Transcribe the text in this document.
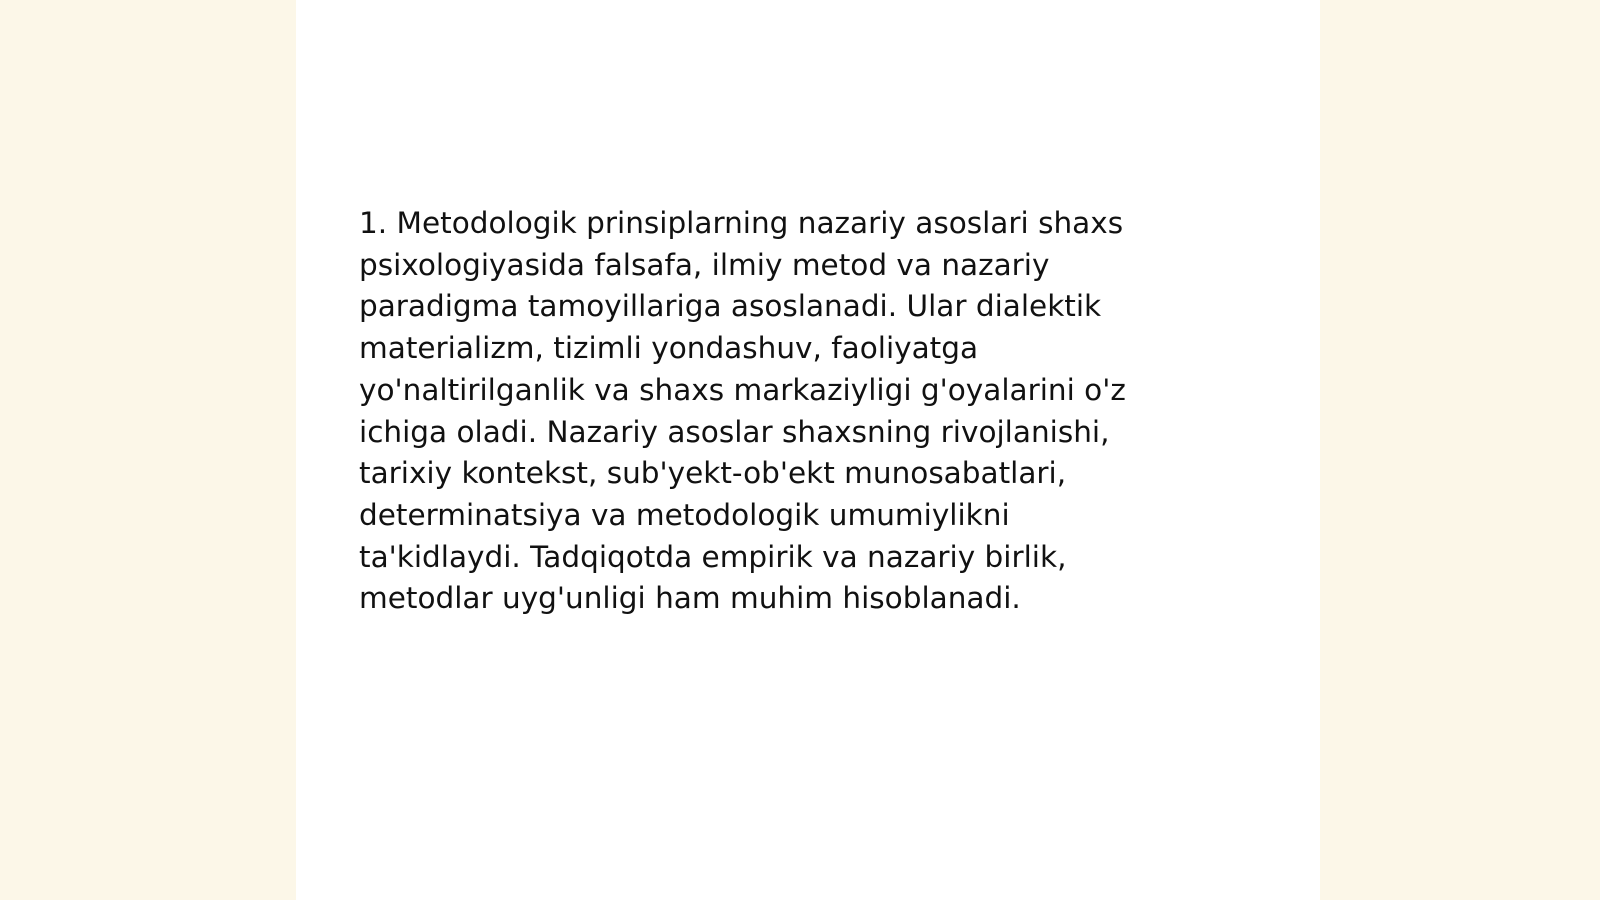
1. Metodologik prinsiplarning nazariy asoslari shaxs
psixologiyasida falsafa, ilmiy metod va nazariy
paradigma tamoyillariga asoslanadi. Ular dialektik
materializm, tizimli yondashuv, faoliyatga
yo'naltirilganlik va shaxs markaziyligi g'oyalarini o'z
ichiga oladi. Nazariy asoslar shaxsning rivojlanishi,
tarixiy kontekst, sub'yekt-ob'ekt munosabatlari,
determinatsiya va metodologik umumiylikni
ta'kidlaydi. Tadqiqotda empirik va nazariy birlik,
metodlar uyg'unligi ham muhim hisoblanadi.
